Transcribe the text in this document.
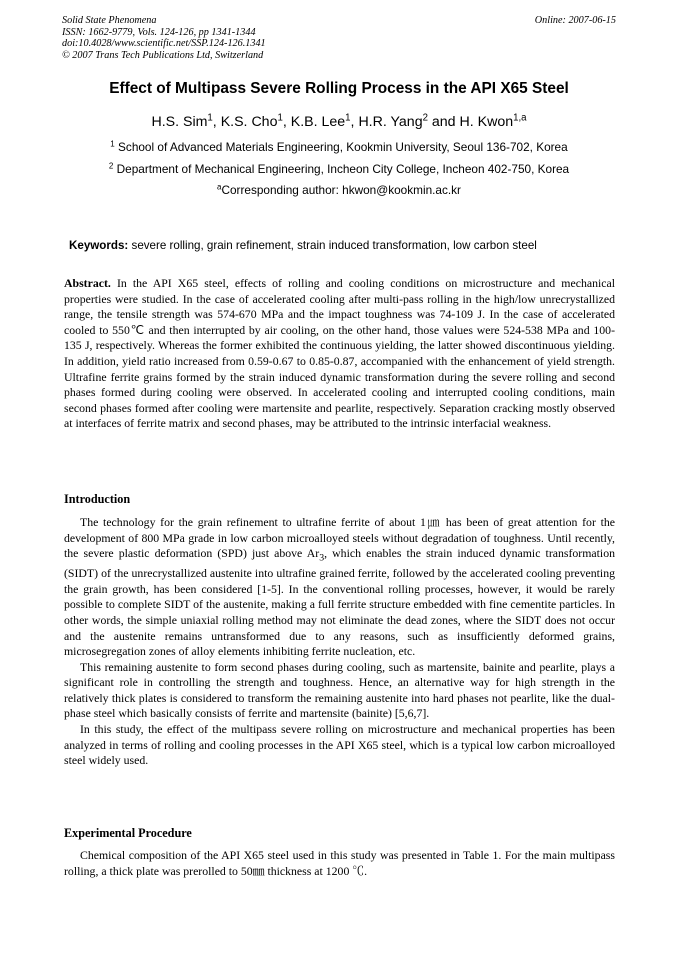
Solid State Phenomena
ISSN: 1662-9779, Vols. 124-126, pp 1341-1344
doi:10.4028/www.scientific.net/SSP.124-126.1341
© 2007 Trans Tech Publications Ltd, Switzerland
Online: 2007-06-15
Effect of Multipass Severe Rolling Process in the API X65 Steel
H.S. Sim$^1$, K.S. Cho$^1$, K.B. Lee$^1$, H.R. Yang$^2$ and H. Kwon$^{1,a}$
$^1$ School of Advanced Materials Engineering, Kookmin University, Seoul 136-702, Korea
$^2$ Department of Mechanical Engineering, Incheon City College, Incheon 402-750, Korea
$^a$Corresponding author: hkwon@kookmin.ac.kr
Keywords: severe rolling, grain refinement, strain induced transformation, low carbon steel
Abstract. In the API X65 steel, effects of rolling and cooling conditions on microstructure and mechanical properties were studied. In the case of accelerated cooling after multi-pass rolling in the high/low unrecrystallized range, the tensile strength was 574-670 MPa and the impact toughness was 74-109 J. In the case of accelerated cooled to 550℃ and then interrupted by air cooling, on the other hand, those values were 524-538 MPa and 100-135 J, respectively. Whereas the former exhibited the continuous yielding, the latter showed discontinuous yielding. In addition, yield ratio increased from 0.59-0.67 to 0.85-0.87, accompanied with the enhancement of yield strength. Ultrafine ferrite grains formed by the strain induced dynamic transformation during the severe rolling and second phases formed during cooling were observed. In accelerated cooling and interrupted cooling conditions, main second phases formed after cooling were martensite and pearlite, respectively. Separation cracking mostly observed at interfaces of ferrite matrix and second phases, may be attributed to the intrinsic interfacial weakness.
Introduction

The technology for the grain refinement to ultrafine ferrite of about 1㎛ has been of great attention for the development of 800 MPa grade in low carbon microalloyed steels without degradation of toughness. Until recently, the severe plastic deformation (SPD) just above $Ar_3$, which enables the strain induced dynamic transformation (SIDT) of the unrecrystallized austenite into ultrafine grained ferrite, followed by the accelerated cooling preventing the grain growth, has been considered [1-5]. In the conventional rolling processes, however, it would be rarely possible to complete SIDT of the austenite, making a full ferrite structure embedded with fine cementite particles. In other words, the simple uniaxial rolling method may not eliminate the dead zones, where the SIDT does not occur and the austenite remains untransformed due to any reasons, such as insufficiently deformed grains, microsegregation zones of alloy elements inhibiting ferrite nucleation, etc.

This remaining austenite to form second phases during cooling, such as martensite, bainite and pearlite, plays a significant role in controlling the strength and toughness. Hence, an alternative way for high strength in the relatively thick plates is considered to transform the remaining austenite into hard phases not pearlite, like the dual-phase steel which basically consists of ferrite and martensite (bainite) [5,6,7].

In this study, the effect of the multipass severe rolling on microstructure and mechanical properties has been analyzed in terms of rolling and cooling processes in the API X65 steel, which is a typical low carbon microalloyed steel widely used.

Experimental Procedure

Chemical composition of the API X65 steel used in this study was presented in Table 1. For the main multipass rolling, a thick plate was prerolled to 50㎜ thickness at 1200 ℃.
